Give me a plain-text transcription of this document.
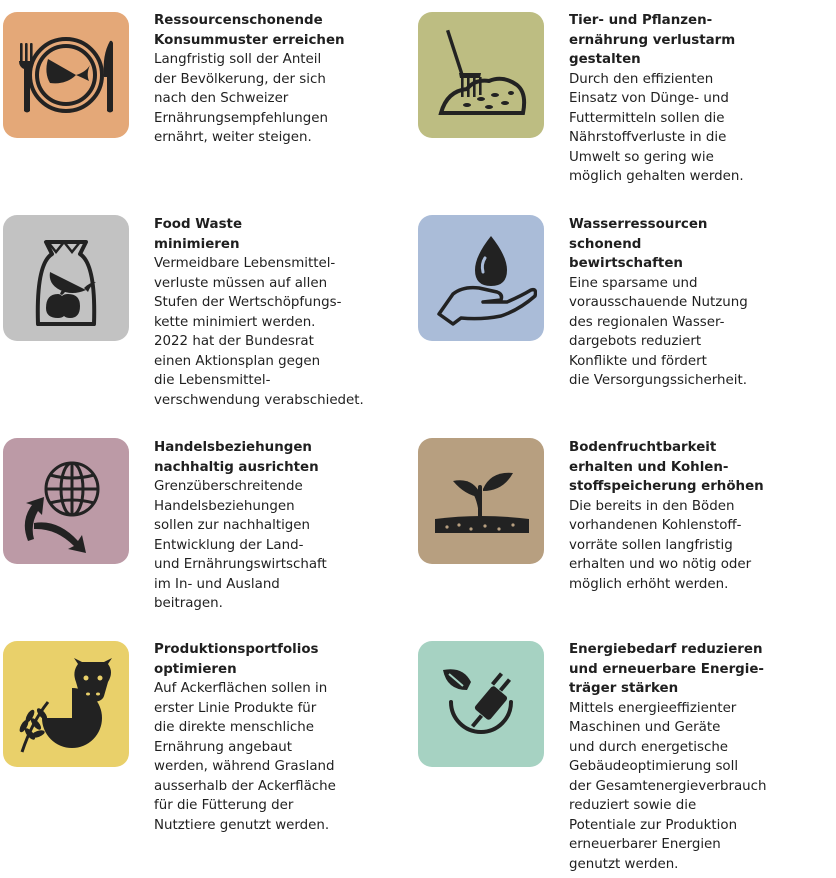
Ressourcenschonende
Konsummuster erreichen

Langfristig soll der Anteil
der Bevölkerung, der sich
nach den Schweizer
Ernährungsempfehlungen
ernährt, weiter steigen.

Tier- und Pflanzen-
ernährung verlustarm
gestalten

Durch den effizienten
Einsatz von Dünge- und
Futtermitteln sollen die
Nährstoffverluste in die
Umwelt so gering wie
möglich gehalten werden.

Food Waste
minimieren

Vermeidbare Lebensmittel-
verluste müssen auf allen
Stufen der Wertschöpfungs-
kette minimiert werden.
2022 hat der Bundesrat
einen Aktionsplan gegen
die Lebensmittel-
verschwendung verabschiedet.

Wasserressourcen
schonend
bewirtschaften

Eine sparsame und
vorausschauende Nutzung
des regionalen Wasser-
dargebots reduziert
Konflikte und fördert
die Versorgungssicherheit.

Handelsbeziehungen
nachhaltig ausrichten

Grenzüberschreitende
Handelsbeziehungen
sollen zur nachhaltigen
Entwicklung der Land-
und Ernährungswirtschaft
im In- und Ausland
beitragen.

Bodenfruchtbarkeit
erhalten und Kohlen-
stoffspeicherung erhöhen

Die bereits in den Böden
vorhandenen Kohlenstoff-
vorräte sollen langfristig
erhalten und wo nötig oder
möglich erhöht werden.

Produktionsportfolios
optimieren

Auf Ackerflächen sollen in
erster Linie Produkte für
die direkte menschliche
Ernährung angebaut
werden, während Grasland
ausserhalb der Ackerfläche
für die Fütterung der
Nutztiere genutzt werden.

Energiebedarf reduzieren
und erneuerbare Energie-
träger stärken

Mittels energieeffizienter
Maschinen und Geräte
und durch energetische
Gebäudeoptimierung soll
der Gesamtenergieverbrauch
reduziert sowie die
Potentiale zur Produktion
erneuerbarer Energien
genutzt werden.
